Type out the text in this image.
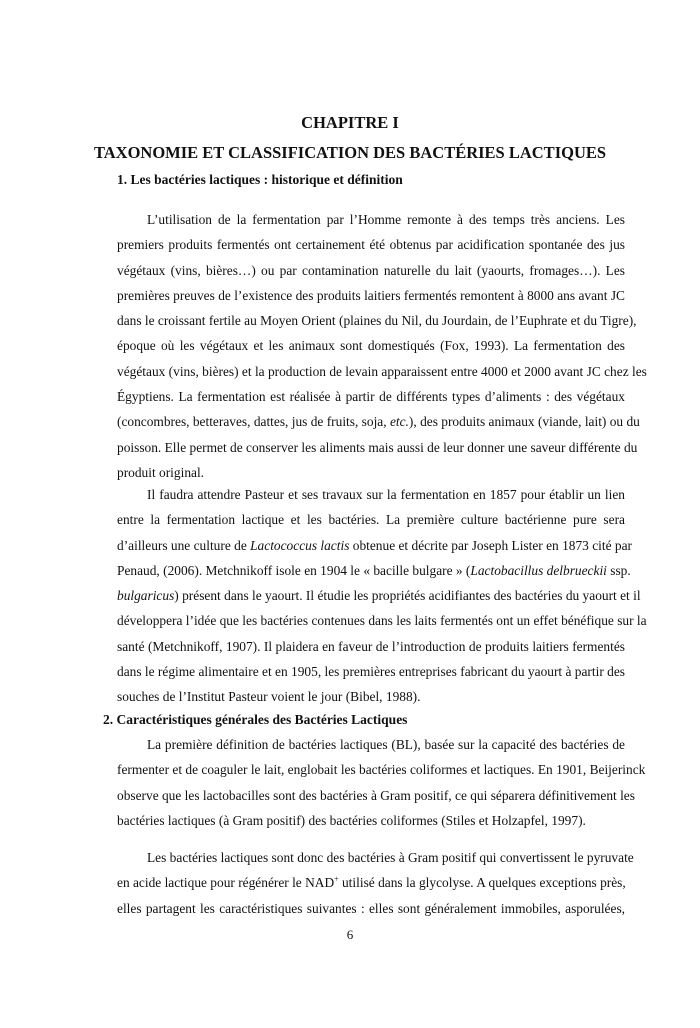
CHAPITRE I
TAXONOMIE ET CLASSIFICATION DES BACTÉRIES LACTIQUES
1. Les bactéries lactiques : historique et définition
L’utilisation de la fermentation par l’Homme remonte à des temps très anciens. Les
premiers produits fermentés ont certainement été obtenus par acidification spontanée des jus
végétaux (vins, bières…) ou par contamination naturelle du lait (yaourts, fromages…). Les
premières preuves de l’existence des produits laitiers fermentés remontent à 8000 ans avant JC
dans le croissant fertile au Moyen Orient (plaines du Nil, du Jourdain, de l’Euphrate et du Tigre),
époque où les végétaux et les animaux sont domestiqués (Fox, 1993). La fermentation des
végétaux (vins, bières) et la production de levain apparaissent entre 4000 et 2000 avant JC chez les
Égyptiens. La fermentation est réalisée à partir de différents types d’aliments : des végétaux
(concombres, betteraves, dattes, jus de fruits, soja, etc.), des produits animaux (viande, lait) ou du
poisson. Elle permet de conserver les aliments mais aussi de leur donner une saveur différente du
produit original.
Il faudra attendre Pasteur et ses travaux sur la fermentation en 1857 pour établir un lien
entre la fermentation lactique et les bactéries. La première culture bactérienne pure sera
d’ailleurs une culture de Lactococcus lactis obtenue et décrite par Joseph Lister en 1873 cité par
Penaud, (2006). Metchnikoff isole en 1904 le « bacille bulgare » (Lactobacillus delbrueckii ssp.
bulgaricus) présent dans le yaourt. Il étudie les propriétés acidifiantes des bactéries du yaourt et il
développera l’idée que les bactéries contenues dans les laits fermentés ont un effet bénéfique sur la
santé (Metchnikoff, 1907). Il plaidera en faveur de l’introduction de produits laitiers fermentés
dans le régime alimentaire et en 1905, les premières entreprises fabricant du yaourt à partir des
souches de l’Institut Pasteur voient le jour (Bibel, 1988).
2. Caractéristiques générales des Bactéries Lactiques
La première définition de bactéries lactiques (BL), basée sur la capacité des bactéries de
fermenter et de coaguler le lait, englobait les bactéries coliformes et lactiques. En 1901, Beijerinck
observe que les lactobacilles sont des bactéries à Gram positif, ce qui séparera définitivement les
bactéries lactiques (à Gram positif) des bactéries coliformes (Stiles et Holzapfel, 1997).
Les bactéries lactiques sont donc des bactéries à Gram positif qui convertissent le pyruvate
en acide lactique pour régénérer le NAD+ utilisé dans la glycolyse. A quelques exceptions près,
elles partagent les caractéristiques suivantes : elles sont généralement immobiles, asporulées,
6
